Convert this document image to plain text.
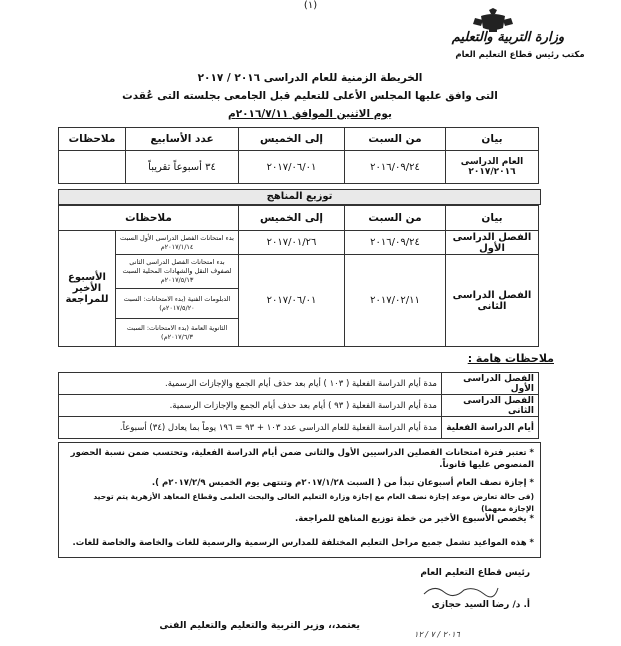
(١)
وزارة التربية والتعليم
مكتب رئيس قطاع التعليم العام
الخريطة الزمنية للعام الدراسى ٢٠١٦ / ٢٠١٧
التى وافق عليها المجلس الأعلى للتعليم قبل الجامعى بجلسته التى عُقدت
يوم الاثنين الموافق ٢٠١٦/٧/١١م
بيان	من السبت	إلى الخميس	عدد الأسابيع	ملاحظات
العام الدراسى ٢٠١٧/٢٠١٦	٢٠١٦/٠٩/٢٤	٢٠١٧/٠٦/٠١	٣٤ أسبوعاً تقريباً	
توزيع المناهج
بيان	من السبت	إلى الخميس	ملاحظات	
الفصل الدراسى الأول	٢٠١٦/٠٩/٢٤	٢٠١٧/٠١/٢٦	بدء امتحانات الفصل الدراسى الأول السبت ٢٠١٧/١/١٤م	الأسبوع الأخير للمراجعة
الفصل الدراسى الثانى	٢٠١٧/٠٢/١١	٢٠١٧/٠٦/٠١	بدء امتحانات الفصل الدراسى الثانى لصفوف النقل والشهادات المحلية السبت ٢٠١٧/٥/١٣م	
			الدبلومات الفنية (بدء الامتحانات: السبت ٢٠١٧/٥/٢٠م)	
			الثانوية العامة (بدء الامتحانات: السبت ٢٠١٧/٦/٣م)	
ملاحظات هامة :
الفصل الدراسى الأول	مدة أيام الدراسة الفعلية ( ١٠٣ ) أيام بعد حذف أيام الجمع والإجازات الرسمية.
الفصل الدراسى الثانى	مدة أيام الدراسة الفعلية ( ٩٣ ) أيام بعد حذف أيام الجمع والإجازات الرسمية.
أيام الدراسة الفعلية	مدة أيام الدراسة الفعلية للعام الدراسى عدد ١٠٣ + ٩٣ = ١٩٦ يوماً بما يعادل (٣٤) أسبوعاً.
* تعتبر فترة امتحانات الفصلين الدراسيين الأول والثانى ضمن أيام الدراسة الفعلية، وتحتسب ضمن نسبة الحضور المنصوص عليها قانوناً.
* إجازة نصف العام أسبوعان تبدأ من ( السبت ٢٠١٧/١/٢٨م وتنتهى يوم الخميس ٢٠١٧/٢/٩م ).
(فى حالة تعارض موعد إجازة نصف العام مع إجازة وزارة التعليم العالى والبحث العلمى وقطاع المعاهد الأزهرية يتم توحيد الإجازة معهما)
* يخصص الأسبوع الأخير من خطة توزيع المناهج للمراجعة.
* هذه المواعيد تشمل جميع مراحل التعليم المختلفة للمدارس الرسمية والرسمية للغات والخاصة والخاصة للغات.
رئيس قطاع التعليم العام
أ. د/ رضا السيد حجازى
يعتمد،، وزير التربية والتعليم والتعليم الفنى
٢٠١٦ / ٧ / ١٢
